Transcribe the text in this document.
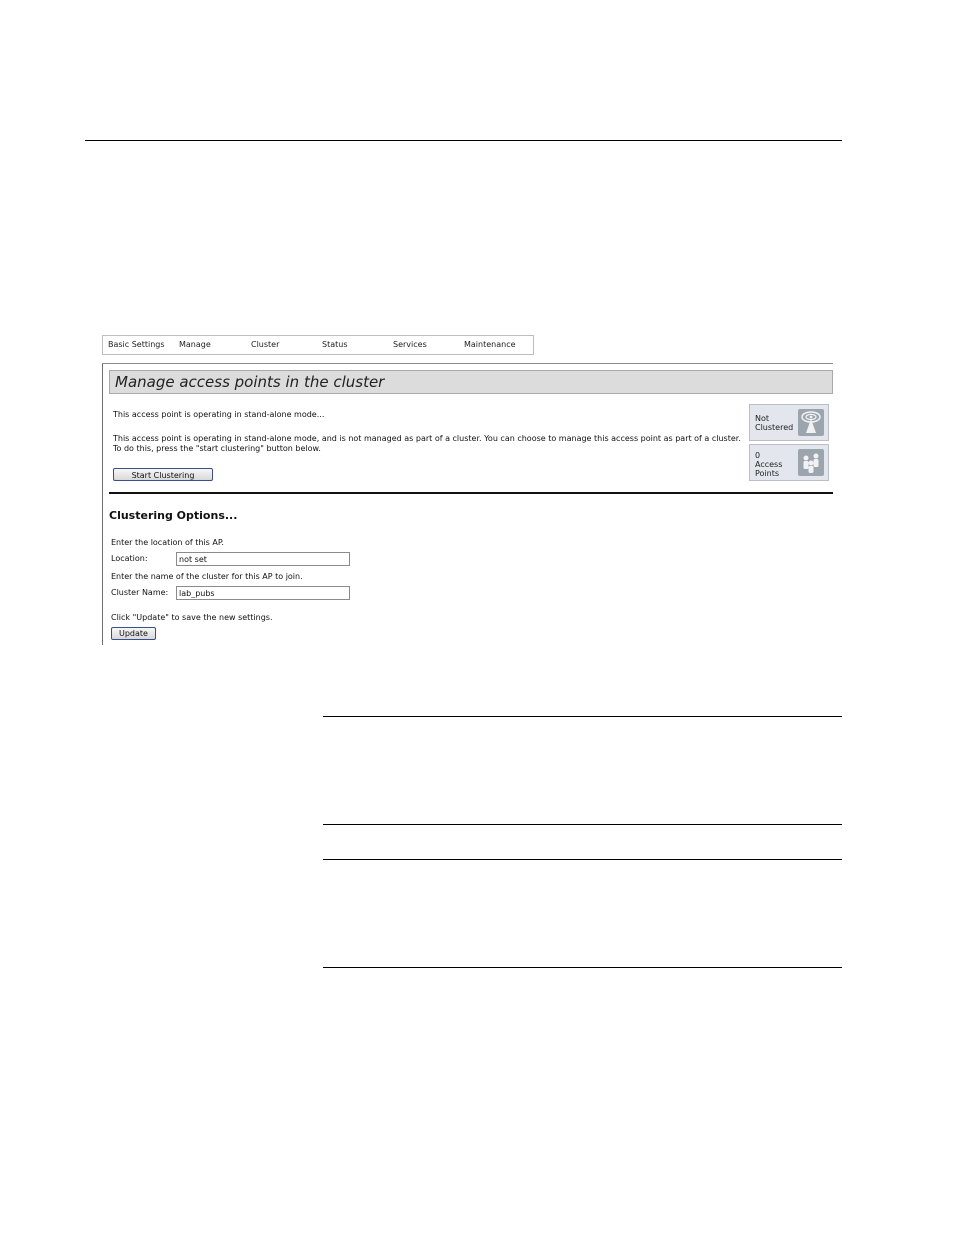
Basic Settings Manage	Cluster	Status	Services	Maintenance
Manage access points in the cluster
This access point is operating in stand-alone mode...
This access point is operating in stand-alone mode, and is not managed as part of a cluster. You can choose to manage this access point as part of a cluster. To do this, press the "start clustering" button below.
Start Clustering
Not
Clustered
0
Access
Points
Clustering Options...
Enter the location of this AP.
Location:
not set
Enter the name of the cluster for this AP to join.
Cluster Name:
lab_pubs
Click "Update" to save the new settings.
Update
